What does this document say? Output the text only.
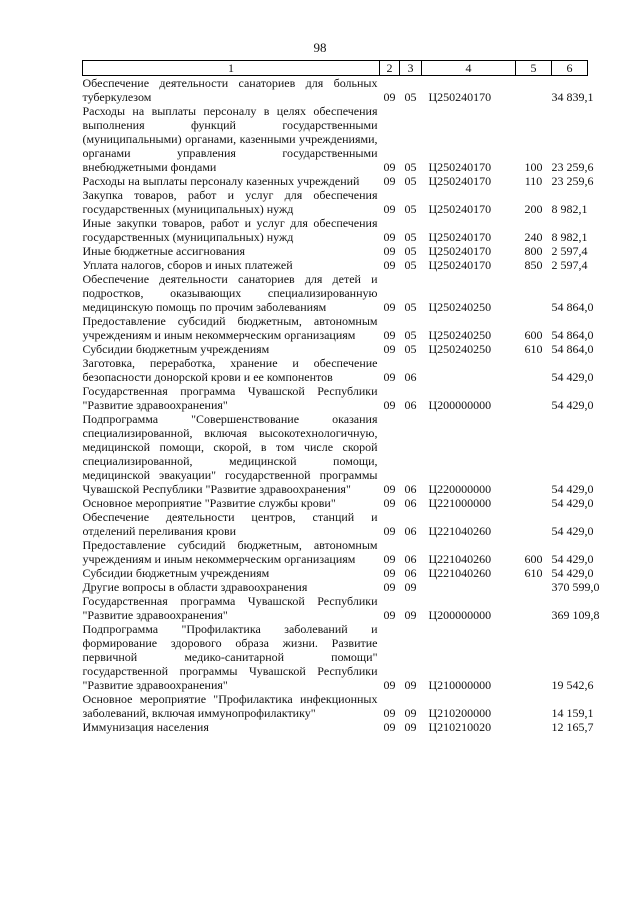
98
1	2	3	4	5	6
Обеспечение деятельности санаториев для больных туберкулезом	09	05	Ц250240170		34 839,1
Расходы на выплаты персоналу в целях обеспечения выполнения функций государственными (муниципальными) органами, казенными учреждениями, органами управления государственными внебюджетными фондами	09	05	Ц250240170	100	23 259,6
Расходы на выплаты персоналу казенных учреждений	09	05	Ц250240170	110	23 259,6
Закупка товаров, работ и услуг для обеспечения государственных (муниципальных) нужд	09	05	Ц250240170	200	8 982,1
Иные закупки товаров, работ и услуг для обеспечения государственных (муниципальных) нужд	09	05	Ц250240170	240	8 982,1
Иные бюджетные ассигнования	09	05	Ц250240170	800	2 597,4
Уплата налогов, сборов и иных платежей	09	05	Ц250240170	850	2 597,4
Обеспечение деятельности санаториев для детей и подростков, оказывающих специализированную медицинскую помощь по прочим заболеваниям	09	05	Ц250240250		54 864,0
Предоставление субсидий бюджетным, автономным учреждениям и иным некоммерческим организациям	09	05	Ц250240250	600	54 864,0
Субсидии бюджетным учреждениям	09	05	Ц250240250	610	54 864,0
Заготовка, переработка, хранение и обеспечение безопасности донорской крови и ее компонентов	09	06			54 429,0
Государственная программа Чувашской Республики "Развитие здравоохранения"	09	06	Ц200000000		54 429,0
Подпрограмма "Совершенствование оказания специализированной, включая высокотехнологичную, медицинской помощи, скорой, в том числе скорой специализированной, медицинской помощи, медицинской эвакуации" государственной программы Чувашской Республики "Развитие здравоохранения"	09	06	Ц220000000		54 429,0
Основное мероприятие "Развитие службы крови"	09	06	Ц221000000		54 429,0
Обеспечение деятельности центров, станций и отделений переливания крови	09	06	Ц221040260		54 429,0
Предоставление субсидий бюджетным, автономным учреждениям и иным некоммерческим организациям	09	06	Ц221040260	600	54 429,0
Субсидии бюджетным учреждениям	09	06	Ц221040260	610	54 429,0
Другие вопросы в области здравоохранения	09	09			370 599,0
Государственная программа Чувашской Республики "Развитие здравоохранения"	09	09	Ц200000000		369 109,8
Подпрограмма "Профилактика заболеваний и формирование здорового образа жизни. Развитие первичной медико-санитарной помощи" государственной программы Чувашской Республики "Развитие здравоохранения"	09	09	Ц210000000		19 542,6
Основное мероприятие "Профилактика инфекционных заболеваний, включая иммунопрофилактику"	09	09	Ц210200000		14 159,1
Иммунизация населения	09	09	Ц210210020		12 165,7
